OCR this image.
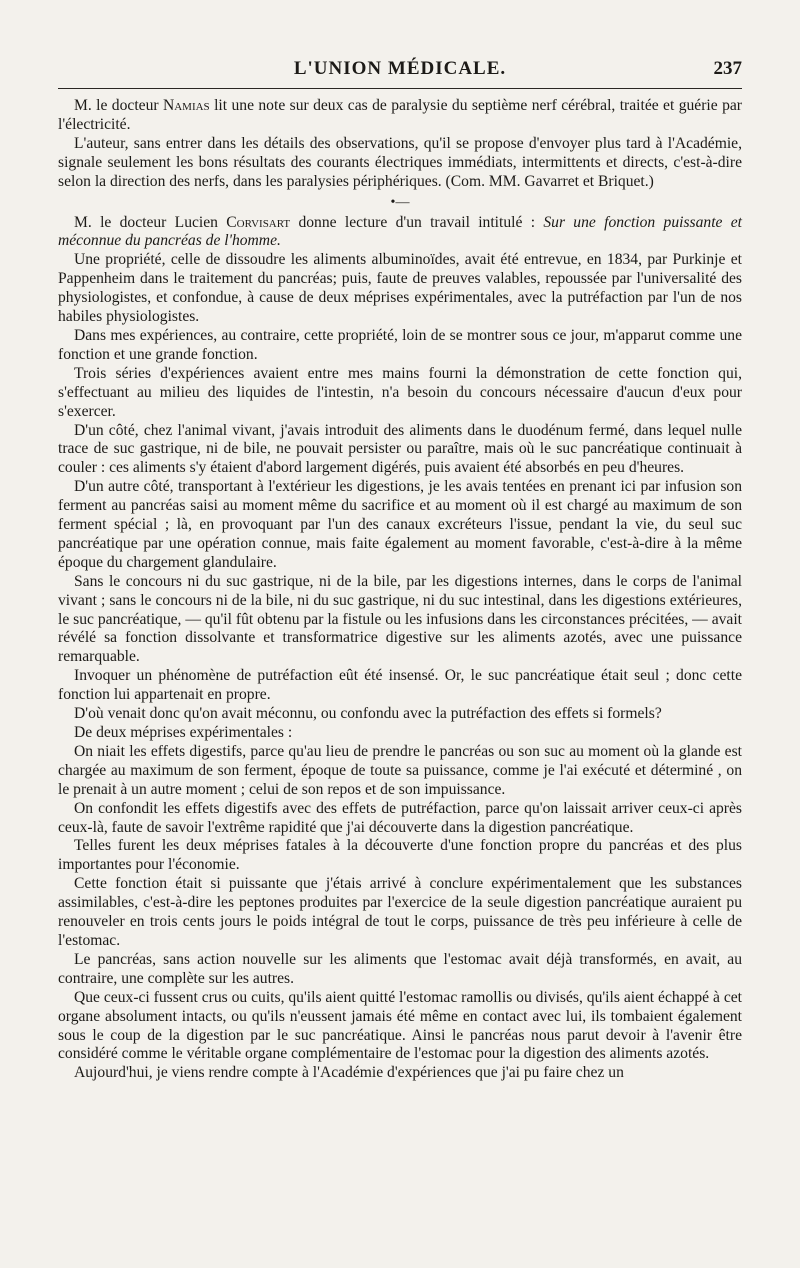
L'UNION MÉDICALE.	237

M. le docteur Namias lit une note sur deux cas de paralysie du septième nerf cérébral, traitée et guérie par l'électricité.

L'auteur, sans entrer dans les détails des observations, qu'il se propose d'envoyer plus tard à l'Académie, signale seulement les bons résultats des courants électriques immédiats, intermittents et directs, c'est-à-dire selon la direction des nerfs, dans les paralysies périphériques. (Com. MM. Gavarret et Briquet.)

•—

M. le docteur Lucien Corvisart donne lecture d'un travail intitulé : Sur une fonction puissante et méconnue du pancréas de l'homme.

Une propriété, celle de dissoudre les aliments albuminoïdes, avait été entrevue, en 1834, par Purkinje et Pappenheim dans le traitement du pancréas; puis, faute de preuves valables, repoussée par l'universalité des physiologistes, et confondue, à cause de deux méprises expérimentales, avec la putréfaction par l'un de nos habiles physiologistes.

Dans mes expériences, au contraire, cette propriété, loin de se montrer sous ce jour, m'apparut comme une fonction et une grande fonction.

Trois séries d'expériences avaient entre mes mains fourni la démonstration de cette fonction qui, s'effectuant au milieu des liquides de l'intestin, n'a besoin du concours nécessaire d'aucun d'eux pour s'exercer.

D'un côté, chez l'animal vivant, j'avais introduit des aliments dans le duodénum fermé, dans lequel nulle trace de suc gastrique, ni de bile, ne pouvait persister ou paraître, mais où le suc pancréatique continuait à couler : ces aliments s'y étaient d'abord largement digérés, puis avaient été absorbés en peu d'heures.

D'un autre côté, transportant à l'extérieur les digestions, je les avais tentées en prenant ici par infusion son ferment au pancréas saisi au moment même du sacrifice et au moment où il est chargé au maximum de son ferment spécial ; là, en provoquant par l'un des canaux excréteurs l'issue, pendant la vie, du seul suc pancréatique par une opération connue, mais faite également au moment favorable, c'est-à-dire à la même époque du chargement glandulaire.

Sans le concours ni du suc gastrique, ni de la bile, par les digestions internes, dans le corps de l'animal vivant ; sans le concours ni de la bile, ni du suc gastrique, ni du suc intestinal, dans les digestions extérieures, le suc pancréatique, — qu'il fût obtenu par la fistule ou les infusions dans les circonstances précitées, — avait révélé sa fonction dissolvante et transformatrice digestive sur les aliments azotés, avec une puissance remarquable.

Invoquer un phénomène de putréfaction eût été insensé. Or, le suc pancréatique était seul ; donc cette fonction lui appartenait en propre.

D'où venait donc qu'on avait méconnu, ou confondu avec la putréfaction des effets si formels?

De deux méprises expérimentales :

On niait les effets digestifs, parce qu'au lieu de prendre le pancréas ou son suc au moment où la glande est chargée au maximum de son ferment, époque de toute sa puissance, comme je l'ai exécuté et déterminé , on le prenait à un autre moment ; celui de son repos et de son impuissance.

On confondit les effets digestifs avec des effets de putréfaction, parce qu'on laissait arriver ceux-ci après ceux-là, faute de savoir l'extrême rapidité que j'ai découverte dans la digestion pancréatique.

Telles furent les deux méprises fatales à la découverte d'une fonction propre du pancréas et des plus importantes pour l'économie.

Cette fonction était si puissante que j'étais arrivé à conclure expérimentalement que les substances assimilables, c'est-à-dire les peptones produites par l'exercice de la seule digestion pancréatique auraient pu renouveler en trois cents jours le poids intégral de tout le corps, puissance de très peu inférieure à celle de l'estomac.

Le pancréas, sans action nouvelle sur les aliments que l'estomac avait déjà transformés, en avait, au contraire, une complète sur les autres.

Que ceux-ci fussent crus ou cuits, qu'ils aient quitté l'estomac ramollis ou divisés, qu'ils aient échappé à cet organe absolument intacts, ou qu'ils n'eussent jamais été même en contact avec lui, ils tombaient également sous le coup de la digestion par le suc pancréatique. Ainsi le pancréas nous parut devoir à l'avenir être considéré comme le véritable organe complémentaire de l'estomac pour la digestion des aliments azotés.

Aujourd'hui, je viens rendre compte à l'Académie d'expériences que j'ai pu faire chez un
